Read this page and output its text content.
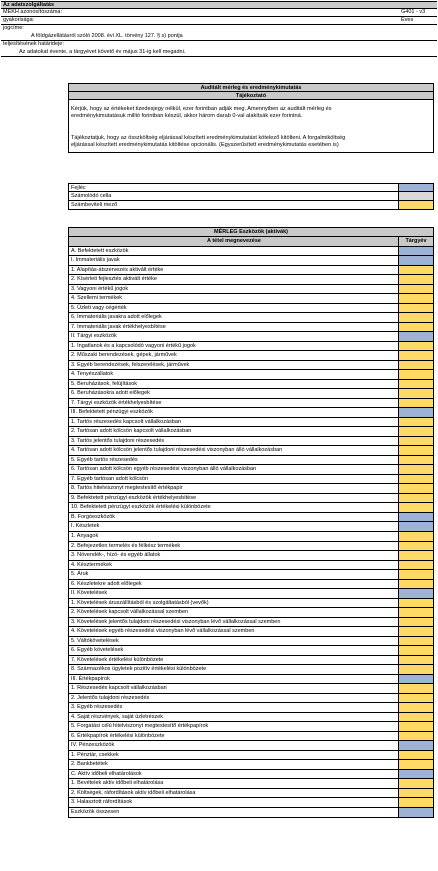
Az adatszolgáltatás
MEKH azonosítószáma:	G401 - v3
gyakorisága:	Éves
jogcíme:
A földgázellátásról szóló 2008. évi XL. törvény 127. § s) pontja
teljesítésének határideje:
Az adatokat évente, a tárgyévet követő év május 31-ig kell megadni.
Auditált mérleg és eredménykimutatás
Tájékoztató
Kérjük, hogy az értékeket tizedesjegy nélkül, ezer forintban adják meg. Amennyiben az auditált mérleg és
eredménykimutatásuk millió forintban készül, akkor három darab 0-val alakítsák ezer forintná.
Tájékoztatjuk, hogy az összköltség eljárással készített eredménykimutatást kötelező kitölteni. A forgalmiköltség
eljárással készített eredménykimutatás kitöltése opcionális. (Egyszerűsített eredménykimutatás esetében is)
Fejléc
Számolódó cella
Számbeviteli mező
MÉRLEG Eszközök (aktívák)
A tétel megnevezése	Tárgyév
A. Befektetett eszközök
I. Immateriális javak
1. Alapítás-átszervezés aktivált értéke
2. Kísérleti fejlesztés aktivált értéke
3. Vagyoni értékű jogok
4. Szellemi termékek
5. Üzleti vagy cégérték
6. Immateriális javakra adott előlegek
7. Immateriális javak értékhelyesbítése
II. Tárgyi eszközök
1. Ingatlanok és a kapcsolódó vagyoni értékű jogok
2. Műszaki berendezések, gépek, járművek
3. Egyéb berendezések, felszerelések, járművek
4. Tenyészállatok
5. Beruházások, felújítások
6. Beruházásokra adott előlegek
7. Tárgyi eszközök értékhelyesbítése
III. Befektetett pénzügyi eszközök
1. Tartós részesedés kapcsolt vállalkozásban
2. Tartósan adott kölcsön kapcsolt vállalkozásban
3. Tartós jelentős tulajdoni részesedés
4. Tartósan adott kölcsön jelentős tulajdoni részesedési viszonyban álló vállalkozásban
5. Egyéb tartós részesedés
6. Tartósan adott kölcsön egyéb részesedési viszonyban álló vállalkozásban
7. Egyéb tartósan adott kölcsön
8. Tartós hitelviszonyt megtestesítő értékpapír
9. Befektetett pénzügyi eszközök értékhelyesbítése
10. Befektetett pénzügyi eszközök értékelési különbözete
B. Forgóeszközök
I. Készletek
1. Anyagok
2. Befejezetlen termelés és félkész termékek
3. Növendék-, hízó- és egyéb állatok
4. Késztermékek
5. Áruk
6. Készletekre adott előlegek
II. Követelések
1. Követelések áruszállításból és szolgáltatásból (vevők)
2. Követelések kapcsolt vállalkozással szemben
3. Követelések jelentős tulajdoni részesedési viszonyban lévő vállalkozással szemben
4. Követelések egyéb részesedési viszonyban lévő vállalkozással szemben
5. Váltókövetelések
6. Egyéb követelések
7. Követelések értékelési különbözete
8. Származékos ügyletek pozitív értékelési különbözete
III. Értékpapírok
1. Részesedés kapcsolt vállalkozásban
2. Jelentős tulajdoni részesedés
3. Egyéb részesedés
4. Saját részvények, saját üzletrészek
5. Forgatási célú hitelviszonyt megtestesítő értékpapírok
6. Értékpapírok értékelési különbözete
IV. Pénzeszközök
1. Pénztár, csekkek
2. Bankbetétek
C. Aktív időbeli elhatárolások
1. Bevételek aktív időbeli elhatárolása
2. Költségek, ráfordítások aktív időbeli elhatárolása
3. Halasztott ráfordítások
Eszközök összesen
